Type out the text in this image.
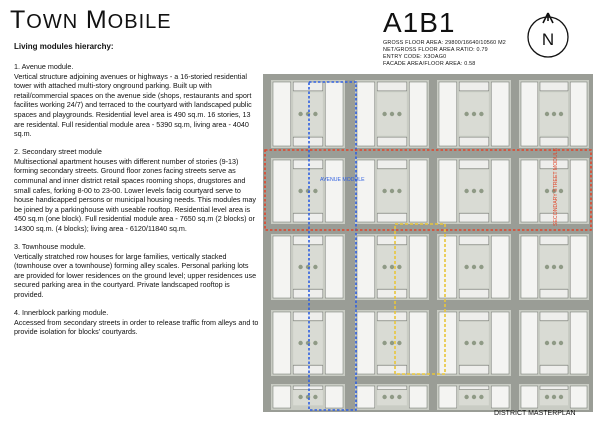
TOWN MOBILE
Living modules hierarchy:

1. Avenue module.
Vertical structure adjoining avenues or highways - a 16-storied residential tower with attached multi-story onground parking. Built up with retail/commercial spaces on the avenue side (shops, restaurants and sport facilites working 24/7) and terraced to the courtyard with landscaped public spaces and playgrounds. Residential level area is 490 sq.m. 16 stories, 13 are residental. Full residential module area - 5390 sq.m, living area - 4040 sq.m.

2. Secondary street module
Multisectional apartment houses with different number of stories (9-13) forming secondary streets. Ground floor zones facing streets serve as communal and inner district retail spaces rooming shops, drugstores and small cafes, forking 8-00 to 23-00. Lower levels facig courtyard serve to house handicapped persons or municipal housing needs. This modules may be joined by a parkinghouse with useable rooftop. Residential level area is 450 sq.m (one block). Full residential module area - 7650 sq.m (2 blocks) or 14300 sq.m. (4 blocks); living area - 6120/11840 sq.m.

3. Townhouse module.
Vertically stratched row houses for large families, vertically stacked (townhouse over a townhouse) forming alley scales. Personal parking lots are provided for lower residences on the ground level; upper residences use secured parking area in the courtyard. Private landscaped rooftop is provided.

4. Innerblock parking module.
Accessed from secondary streets in order to release traffic from alleys and to provide isolation for blocks' courtyards.

A1B1
GROSS FLOOR AREA: 29800/16640/10560 M2
NET/GROSS FLOOR AREA RATIO: 0.79
ENTRY CODE: X3OAG0
FACADE AREA/FLOOR AREA: 0.58
N
AVENUE MODULE	SECONDARY STREET MODULE
DISTRICT MASTERPLAN
